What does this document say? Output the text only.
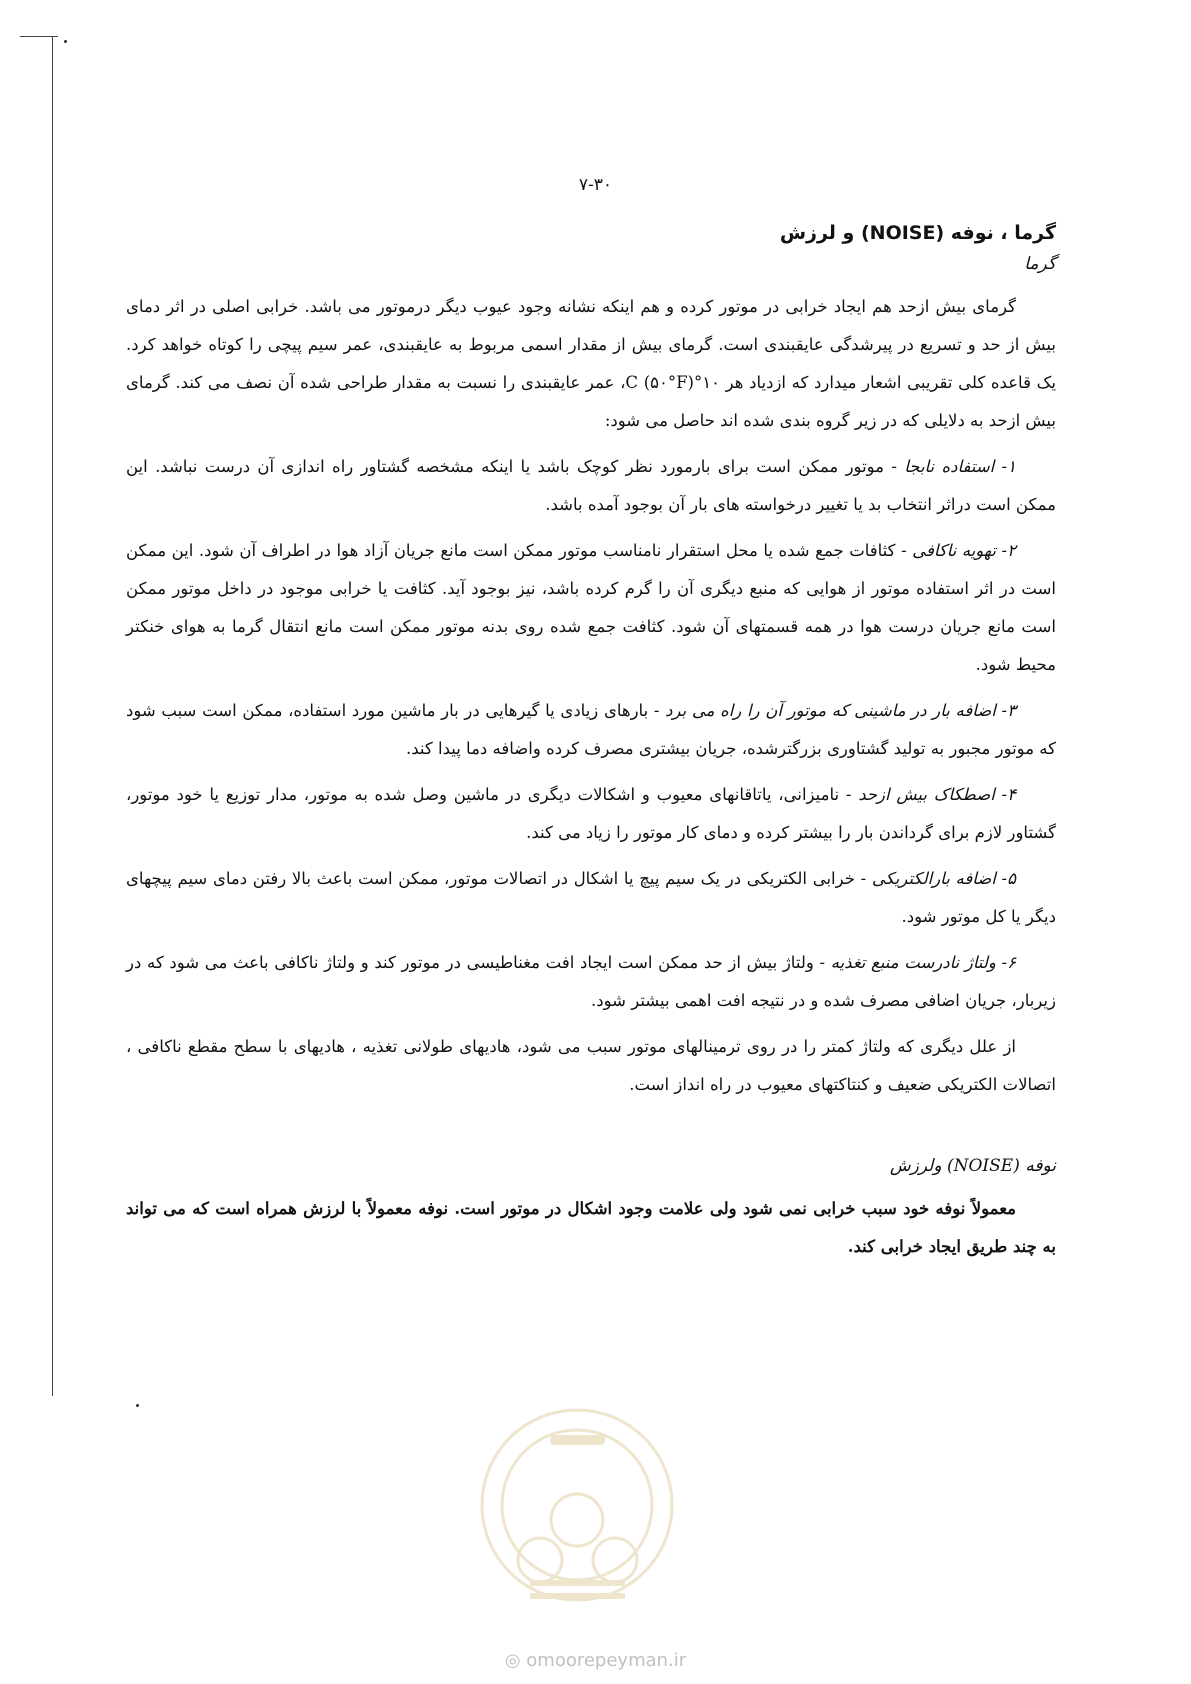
۷-۳۰
گرما ، نوفه (NOISE) و لرزش
گرما

گرمای بیش ازحد هم ایجاد خرابی در موتور کرده و هم اینکه نشانه وجود عیوب دیگر درموتور می باشد. خرابی اصلی در اثر دمای بیش از حد و تسریع در پیرشدگی عایقبندی است. گرمای بیش از مقدار اسمی مربوط به عایقبندی، عمر سیم پیچی را کوتاه خواهد کرد. یک قاعده کلی تقریبی اشعار میدارد که ازدیاد هر ۱۰°C (۵۰°F)، عمر عایقبندی را نسبت به مقدار طراحی شده آن نصف می کند. گرمای بیش ازحد به دلایلی که در زیر گروه بندی شده اند حاصل می شود:

۱- استفاده نابجا - موتور ممکن است برای بارمورد نظر کوچک باشد یا اینکه مشخصه گشتاور راه اندازی آن درست نباشد. این ممکن است دراثر انتخاب بد یا تغییر درخواسته های بار آن بوجود آمده باشد.

۲- تهویه ناکافی - کثافات جمع شده یا محل استقرار نامناسب موتور ممکن است مانع جریان آزاد هوا در اطراف آن شود. این ممکن است در اثر استفاده موتور از هوایی که منبع دیگری آن را گرم کرده باشد، نیز بوجود آید. کثافت یا خرابی موجود در داخل موتور ممکن است مانع جریان درست هوا در همه قسمتهای آن شود. کثافت جمع شده روی بدنه موتور ممکن است مانع انتقال گرما به هوای خنکتر محیط شود.

۳- اضافه بار در ماشینی که موتور آن را راه می برد - بارهای زیادی یا گیرهایی در بار ماشین مورد استفاده، ممکن است سبب شود که موتور مجبور به تولید گشتاوری بزرگترشده، جریان بیشتری مصرف کرده واضافه دما پیدا کند.

۴- اصطکاک بیش ازحد - نامیزانی، یاتاقانهای معیوب و اشکالات دیگری در ماشین وصل شده به موتور، مدار توزیع یا خود موتور، گشتاور لازم برای گرداندن بار را بیشتر کرده و دمای کار موتور را زیاد می کند.

۵- اضافه بارالکتریکی - خرابی الکتریکی در یک سیم پیچ یا اشکال در اتصالات موتور، ممکن است باعث بالا رفتن دمای سیم پیچهای دیگر یا کل موتور شود.

۶- ولتاژ نادرست منبع تغذیه - ولتاژ بیش از حد ممکن است ایجاد افت مغناطیسی در موتور کند و ولتاژ ناکافی باعث می شود که در زیربار، جریان اضافی مصرف شده و در نتیجه افت اهمی بیشتر شود.

از علل دیگری که ولتاژ کمتر را در روی ترمینالهای موتور سبب می شود، هادیهای طولانی تغذیه ، هادیهای با سطح مقطع ناکافی ، اتصالات الکتریکی ضعیف و کنتاکتهای معیوب در راه انداز است.

نوفه (NOISE) ولرزش

معمولاً نوفه خود سبب خرابی نمی شود ولی علامت وجود اشکال در موتور است. نوفه معمولاً با لرزش همراه است که می تواند به چند طریق ایجاد خرابی کند.

◎ omoorepeyman.ir
